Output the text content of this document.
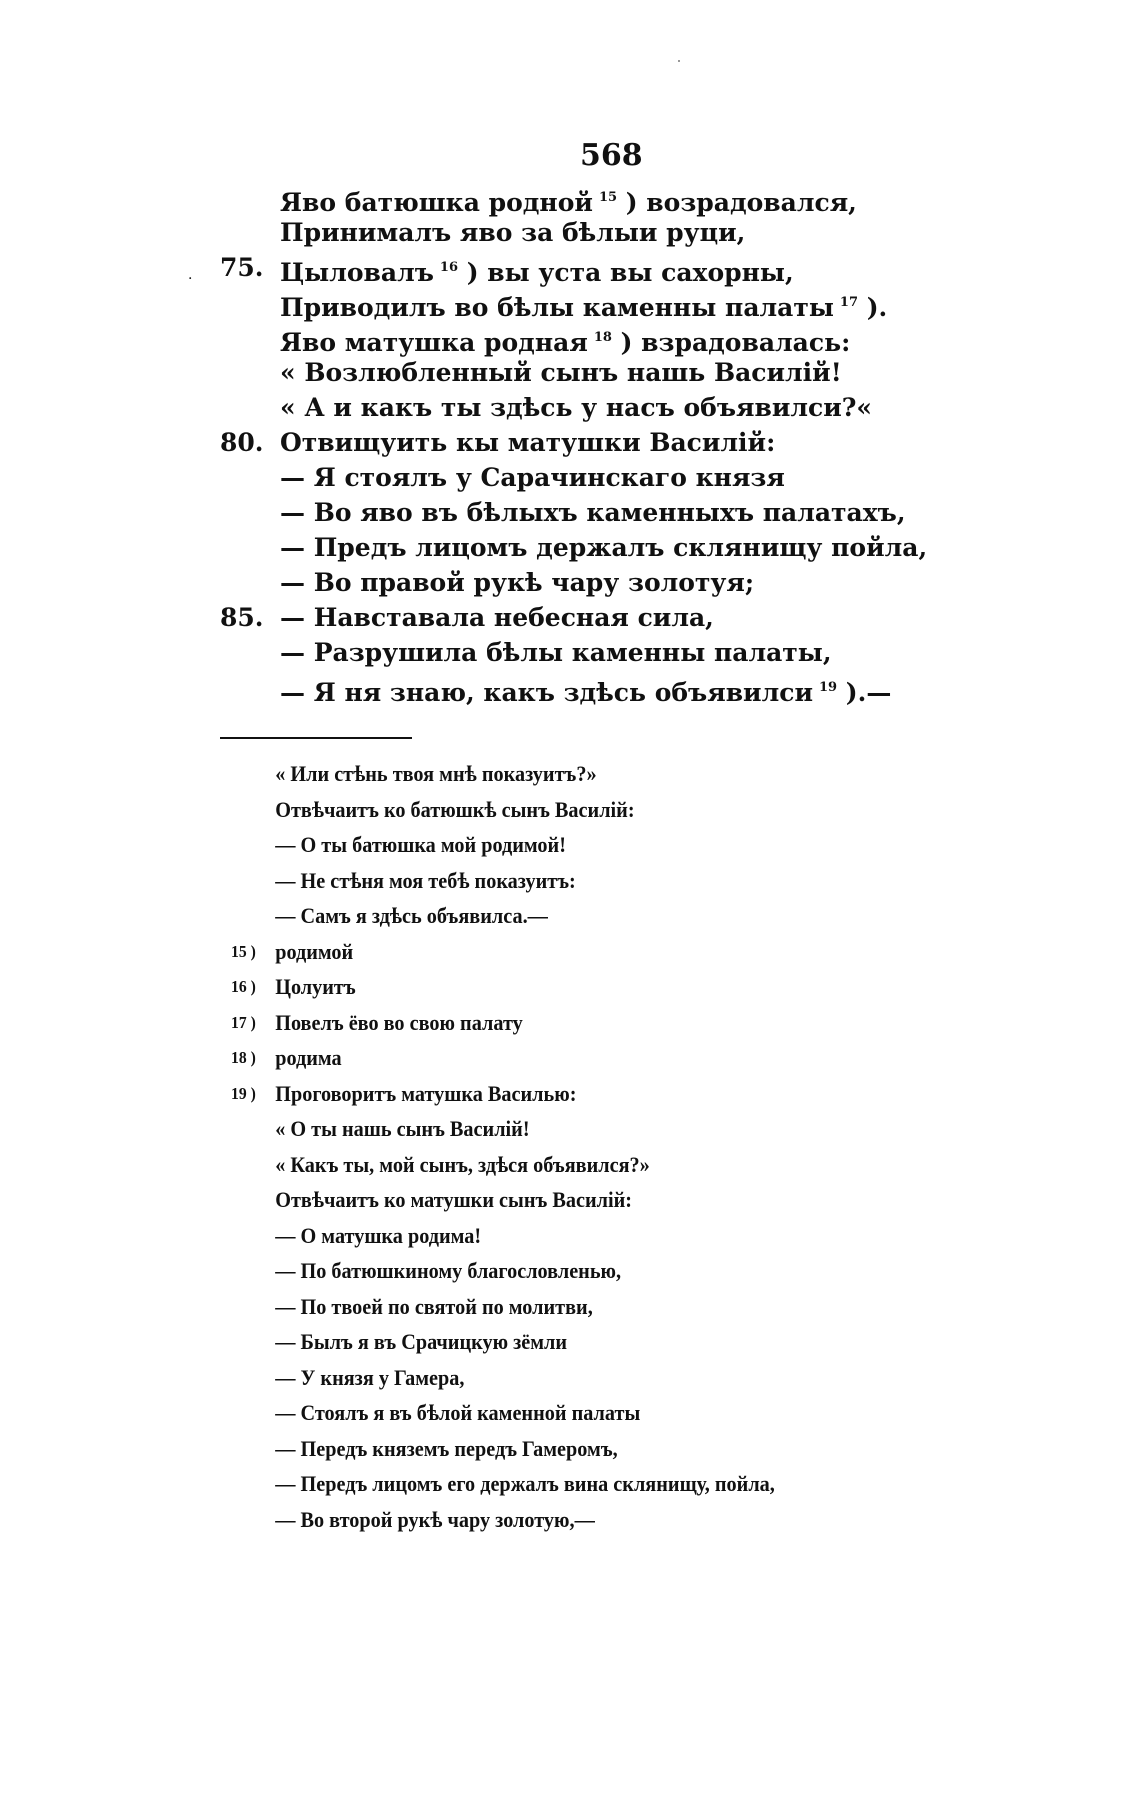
568
·
Яво батюшка родной $^{15}$ ) возрадовался,
Принималъ яво за бѣлыи руци,
75. Цыловалъ $^{16}$ ) вы уста вы сахорны,
Приводилъ во бѣлы каменны палаты $^{17}$ ).
Яво матушка родная $^{18}$ ) взрадовалась:
« Возлюбленный сынъ нашь Василій!
« А и какъ ты здѣсь у насъ объявилси?«
80. Отвищуить кы матушки Василій:
— Я стоялъ у Сарачинскаго князя
— Во яво въ бѣлыхъ каменныхъ палатахъ,
— Предъ лицомъ держалъ склянищу пойла,
— Во правой рукѣ чару золотуя;
85. — Навставала небесная сила,
— Разрушила бѣлы каменны палаты,
— Я ня знаю, какъ здѣсь объявилси $^{19}$ ).—
« Или стѣнь твоя мнѣ показуитъ?»
Отвѣчаитъ ко батюшкѣ сынъ Василій:
— О ты батюшка мой родимой!
— Не стѣня моя тебѣ показуитъ:
— Самъ я здѣсь объявилса.—
15 ) родимой
16 ) Цолуитъ
17 ) Повелъ ёво во свою палату
18 ) родима
19 ) Проговоритъ матушка Василью:
« О ты нашь сынъ Василій!
« Какъ ты, мой сынъ, здѣся объявился?»
Отвѣчаитъ ко матушки сынъ Василій:
— О матушка родима!
— По батюшкиному благословленью,
— По твоей по святой по молитви,
— Былъ я въ Срачицкую зёмли
— У князя у Гамера,
— Стоялъ я въ бѣлой каменной палаты
— Передъ княземъ передъ Гамеромъ,
— Передъ лицомъ его держалъ вина склянищу, пойла,
— Во второй рукѣ чару золотую,—
